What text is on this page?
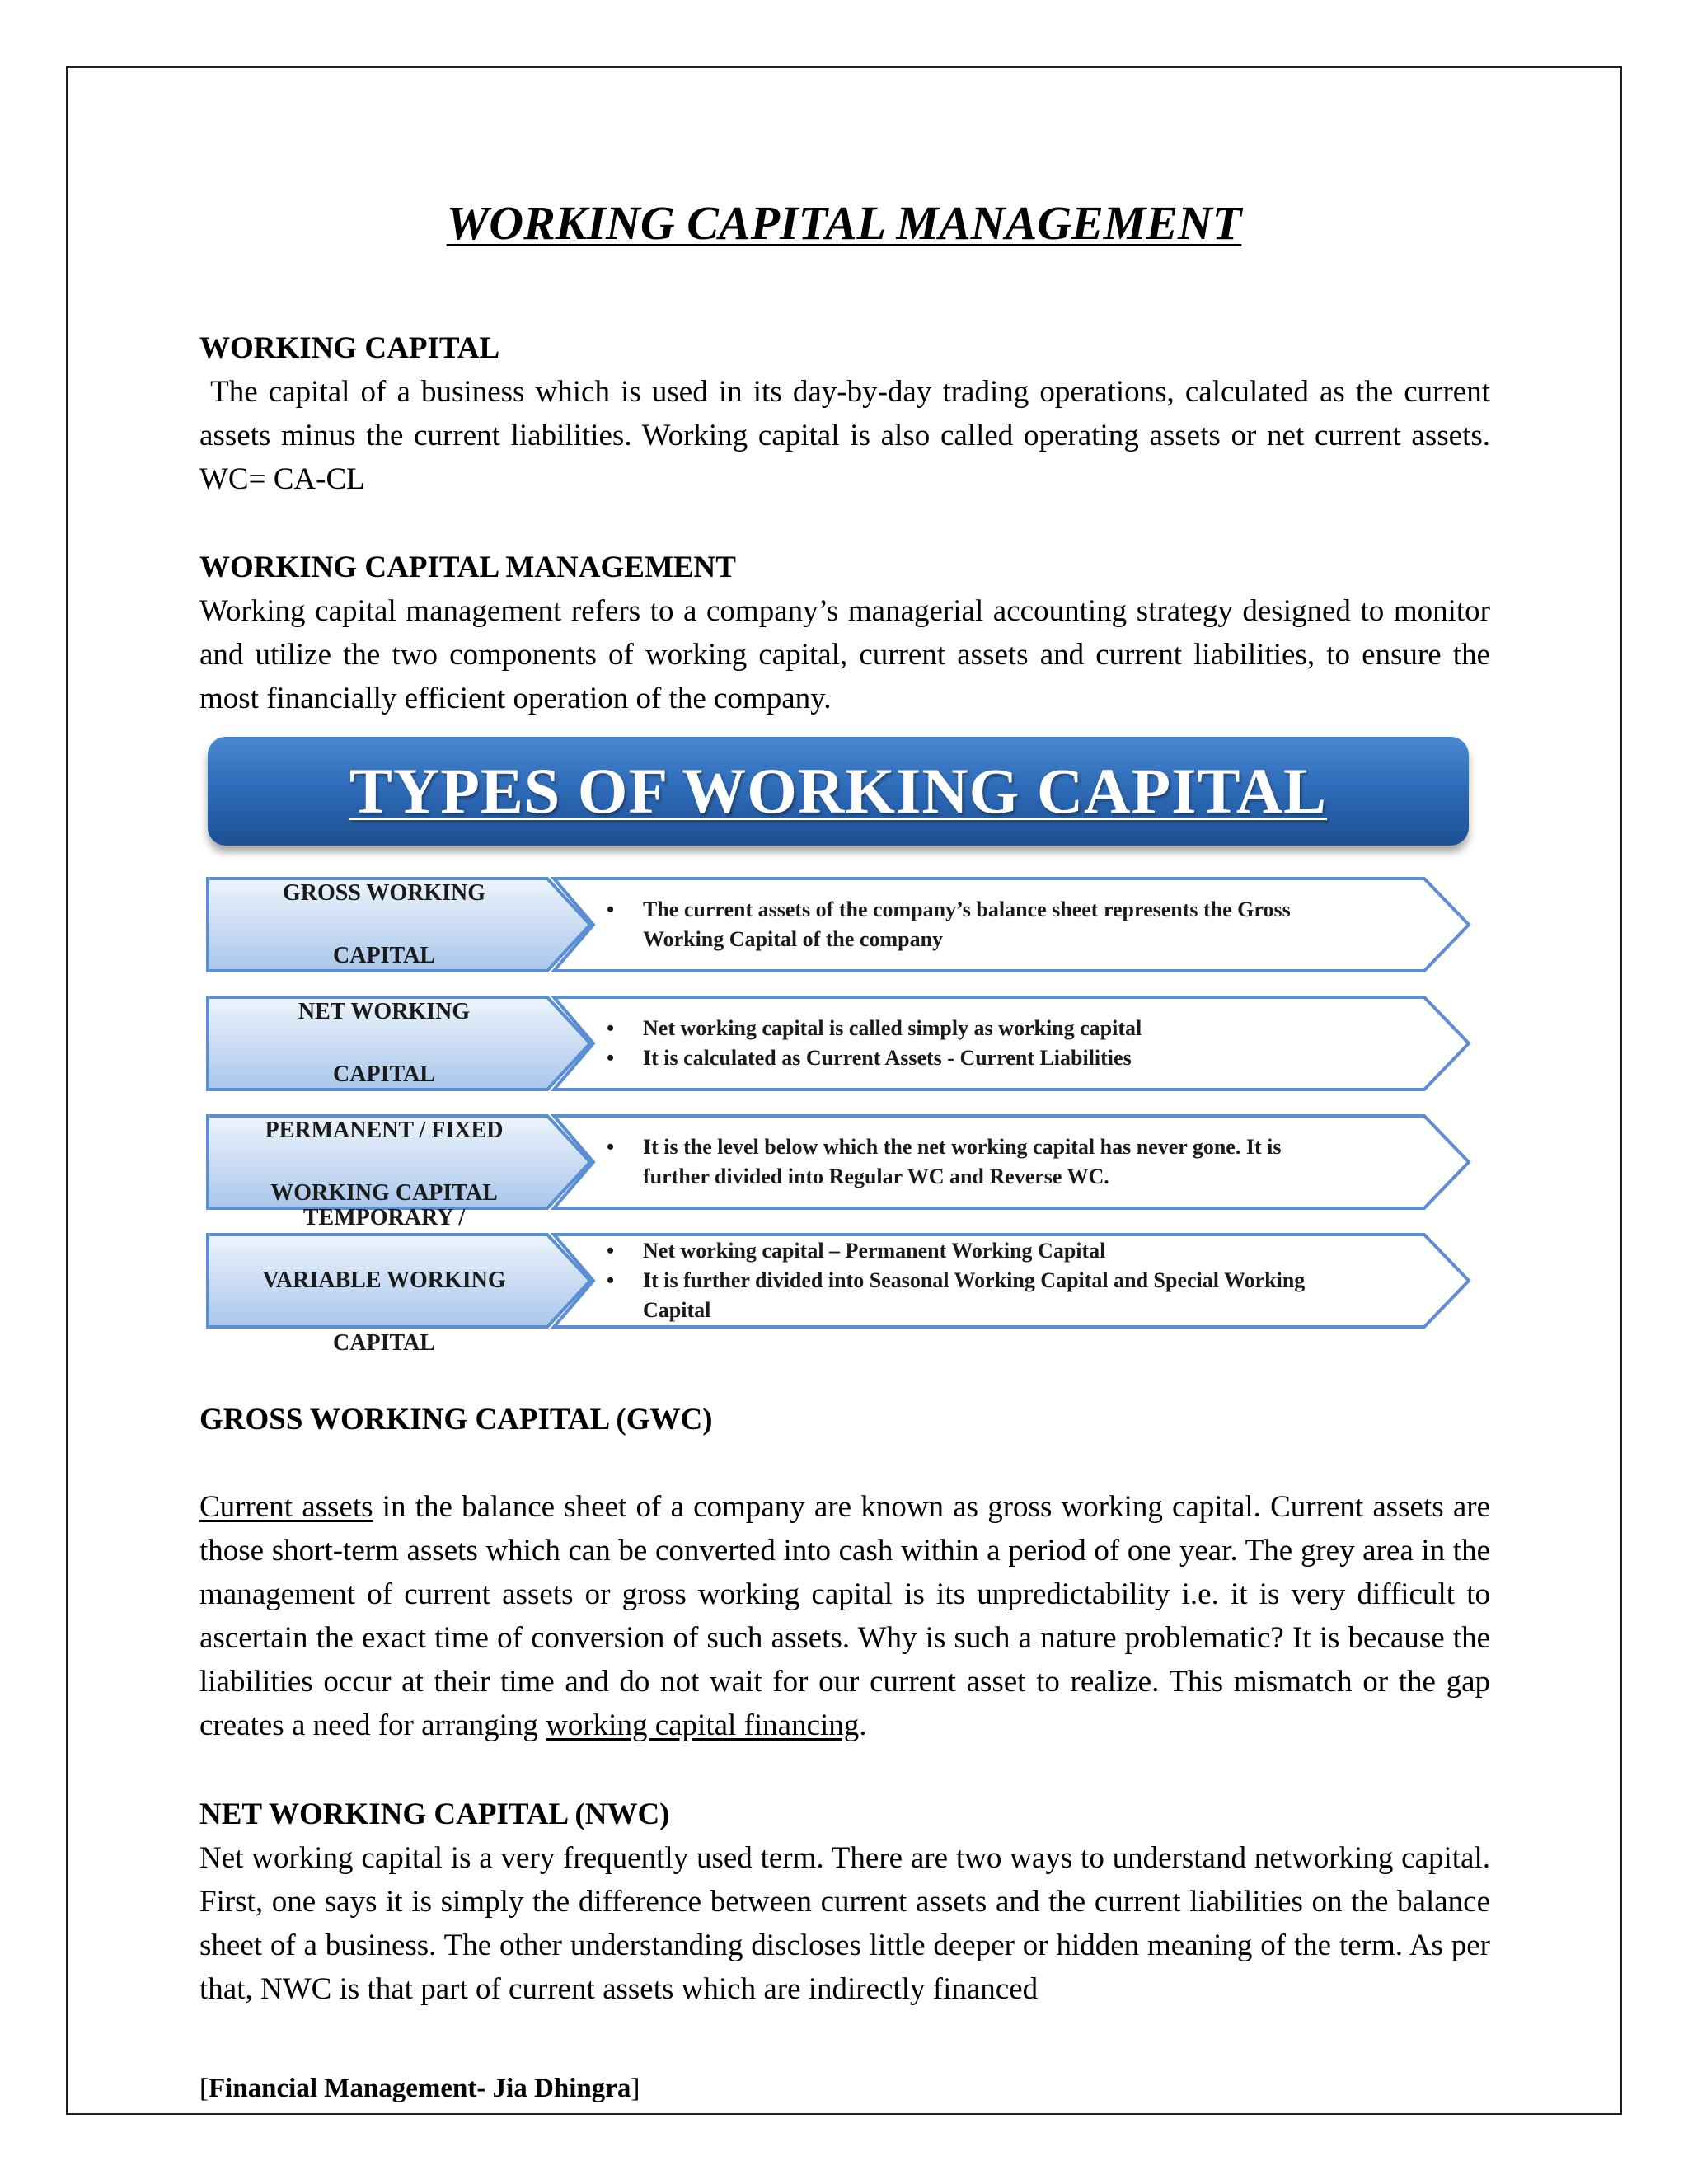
WORKING CAPITAL MANAGEMENT

WORKING CAPITAL

The capital of a business which is used in its day-by-day trading operations, calculated as the current assets minus the current liabilities. Working capital is also called operating assets or net current assets. WC= CA-CL

WORKING CAPITAL MANAGEMENT

Working capital management refers to a company’s managerial accounting strategy designed to monitor and utilize the two components of working capital, current assets and current liabilities, to ensure the most financially efficient operation of the company.

TYPES OF WORKING CAPITAL
GROSS WORKING

CAPITAL
•	The current assets of the company’s balance sheet represents the Gross Working Capital of the company
NET WORKING

CAPITAL
•	Net working capital is called simply as working capital
•	It is calculated as Current Assets - Current Liabilities
PERMANENT / FIXED

WORKING CAPITAL
•	It is the level below which the net working capital has never gone. It is further divided into Regular WC and Reverse WC.
TEMPORARY /

VARIABLE WORKING

CAPITAL
•	Net working capital – Permanent Working Capital
•	It is further divided into Seasonal Working Capital and Special Working Capital

GROSS WORKING CAPITAL (GWC)

Current assets in the balance sheet of a company are known as gross working capital. Current assets are those short-term assets which can be converted into cash within a period of one year. The grey area in the management of current assets or gross working capital is its unpredictability i.e. it is very difficult to ascertain the exact time of conversion of such assets. Why is such a nature problematic? It is because the liabilities occur at their time and do not wait for our current asset to realize. This mismatch or the gap creates a need for arranging working capital financing.

NET WORKING CAPITAL (NWC)

Net working capital is a very frequently used term. There are two ways to understand networking capital. First, one says it is simply the difference between current assets and the current liabilities on the balance sheet of a business. The other understanding discloses little deeper or hidden meaning of the term. As per that, NWC is that part of current assets which are indirectly financed

[Financial Management- Jia Dhingra]
